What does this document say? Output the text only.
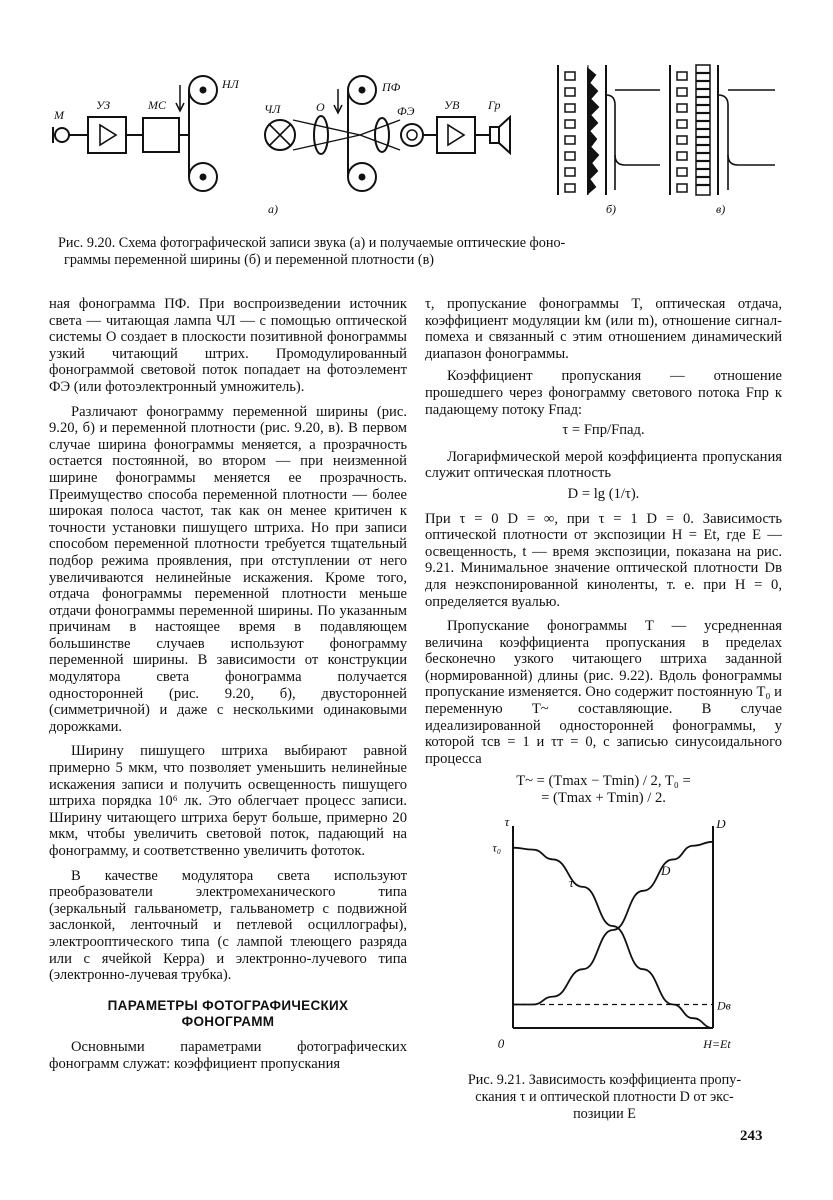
М
УЗ	МС
НЛ
ЧЛ	О
ПФ
ФЭ УВ Гр
а)	б)	в)
Рис. 9.20. Схема фотографической записи звука (а) и получаемые оптические фоно-
граммы переменной ширины (б) и переменной плотности (в)

ная фонограмма ПФ. При воспроизведении источник света — читающая лампа ЧЛ — с помощью оптической системы О создает в плоскости позитивной фонограммы узкий читающий штрих. Промодулированный фонограммой световой поток попадает на фотоэлемент ФЭ (или фотоэлектронный умножитель).

Различают фонограмму переменной ширины (рис. 9.20, б) и переменной плотности (рис. 9.20, в). В первом случае ширина фонограммы меняется, а прозрачность остается постоянной, во втором — при неизменной ширине фонограммы меняется ее прозрачность. Преимущество способа переменной плотности — более широкая полоса частот, так как он менее критичен к точности установки пишущего штриха. Но при записи способом переменной плотности требуется тщательный подбор режима проявления, при отступлении от него увеличиваются нелинейные искажения. Кроме того, отдача фонограммы переменной плотности меньше отдачи фонограммы переменной ширины. По указанным причинам в настоящее время в подавляющем большинстве случаев используют фонограмму переменной ширины. В зависимости от конструкции модулятора света фонограмма получается односторонней (рис. 9.20, б), двусторонней (симметричной) и даже с несколькими одинаковыми дорожками.

Ширину пишущего штриха выбирают равной примерно 5 мкм, что позволяет уменьшить нелинейные искажения записи и получить освещенность пишущего штриха порядка 10⁶ лк. Это облегчает процесс записи. Ширину читающего штриха берут больше, примерно 20 мкм, чтобы увеличить световой поток, падающий на фонограмму, и соответственно увеличить фототок.

В качестве модулятора света используют преобразователи электромеханического типа (зеркальный гальванометр, гальванометр с подвижной заслонкой, ленточный и петлевой осциллографы), электрооптического типа (с лампой тлеющего разряда или с ячейкой Керра) и электронно-лучевого типа (электронно-лучевая трубка).

ПАРАМЕТРЫ ФОТОГРАФИЧЕСКИХ
ФОНОГРАММ

Основными параметрами фотографических фонограмм служат: коэффициент пропускания

τ, пропускание фонограммы T, оптическая отдача, коэффициент модуляции kм (или m), отношение сигнал-помеха и связанный с этим отношением динамический диапазон фонограммы.

Коэффициент пропускания — отношение прошедшего через фонограмму светового потока Fпр к падающему потоку Fпад:

τ = Fпр/Fпад.

Логарифмической мерой коэффициента пропускания служит оптическая плотность

D = lg (1/τ).

При τ = 0 D = ∞, при τ = 1 D = 0. Зависимость оптической плотности от экспозиции H = Et, где E — освещенность, t — время экспозиции, показана на рис. 9.21. Минимальное значение оптической плотности Dв для неэкспонированной киноленты, т. е. при H = 0, определяется вуалью.

Пропускание фонограммы T — усредненная величина коэффициента пропускания в пределах бесконечно узкого читающего штриха заданной (нормированной) длины (рис. 9.22). Вдоль фонограммы пропускание изменяется. Оно содержит постоянную T₀ и переменную T~ составляющие. В случае идеализированной односторонней фонограммы, у которой τсв = 1 и τт = 0, с записью синусоидального процесса

T~ = (Tmax − Tmin) / 2, T₀ =
= (Tmax + Tmin) / 2.
τ
D
τ	D
τ₀
Dв
0	H=Et
Рис. 9.21. Зависимость коэффициента пропу-
скания τ и оптической плотности D от экс-
позиции E
243
